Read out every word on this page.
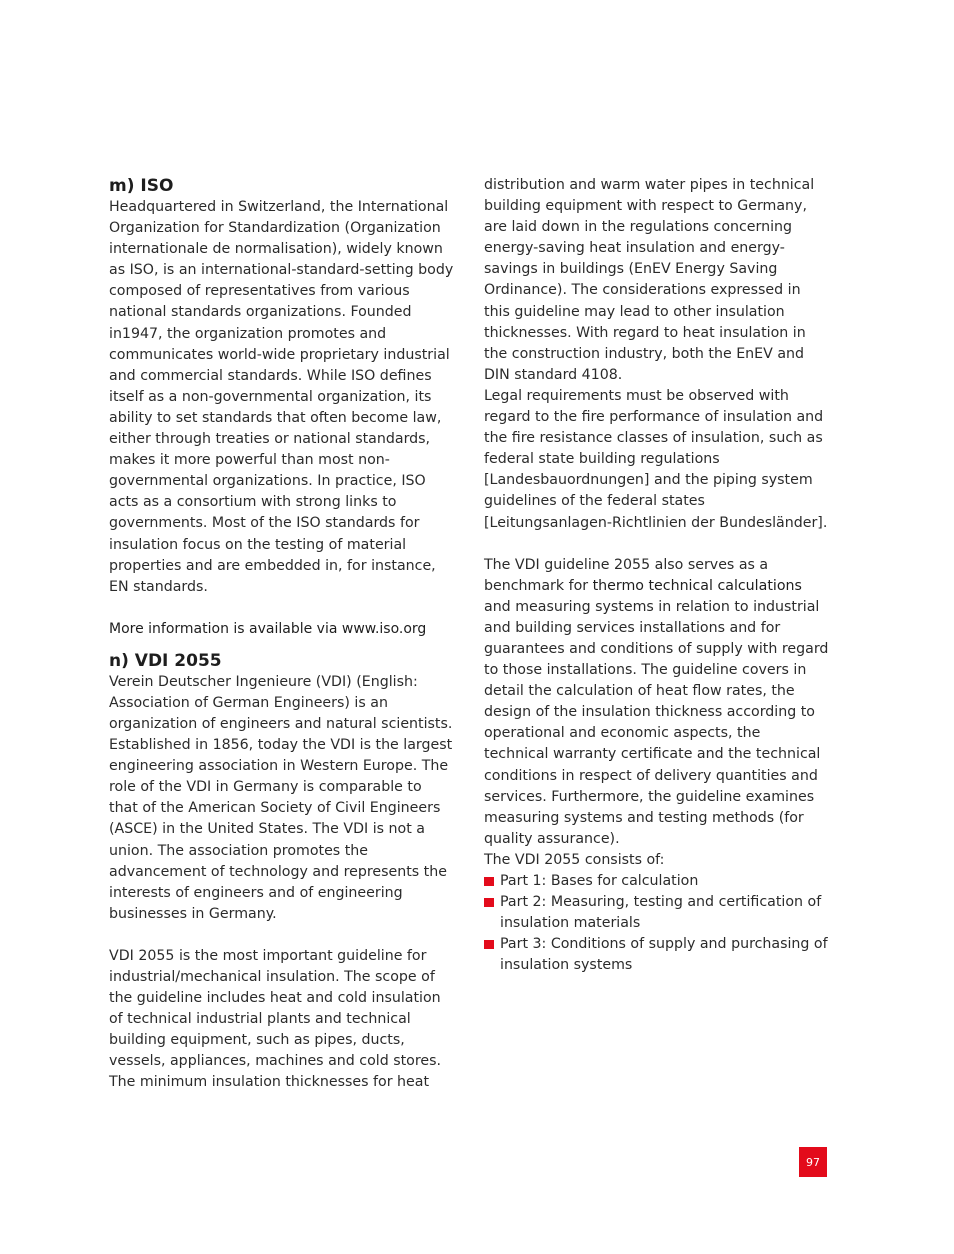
m) ISO

Headquartered in Switzerland, the International Organization for Standardization (Organization internationale de normalisation), widely known as ISO, is an international-standard-setting body composed of representatives from various national standards organizations. Founded in1947, the organization promotes and communicates world-wide proprietary industrial and commercial standards. While ISO defines itself as a non-governmental organization, its ability to set standards that often become law, either through treaties or national standards, makes it more powerful than most non-governmental organizations. In practice, ISO acts as a consortium with strong links to governments. Most of the ISO standards for insulation focus on the testing of material properties and are embedded in, for instance, EN standards.

More information is available via www.iso.org

n) VDI 2055

Verein Deutscher Ingenieure (VDI) (English: Association of German Engineers) is an organization of engineers and natural scientists. Established in 1856, today the VDI is the largest engineering association in Western Europe. The role of the VDI in Germany is comparable to that of the American Society of Civil Engineers (ASCE) in the United States. The VDI is not a union. The association promotes the advancement of technology and represents the interests of engineers and of engineering businesses in Germany.

VDI 2055 is the most important guideline for industrial/mechanical insulation. The scope of the guideline includes heat and cold insulation of technical industrial plants and technical building equipment, such as pipes, ducts, vessels, appliances, machines and cold stores. The minimum insulation thicknesses for heat

distribution and warm water pipes in technical building equipment with respect to Germany, are laid down in the regulations concerning energy-saving heat insulation and energy-savings in buildings (EnEV Energy Saving Ordinance). The considerations expressed in this guideline may lead to other insulation thicknesses. With regard to heat insulation in the construction industry, both the EnEV and DIN standard 4108.

Legal requirements must be observed with regard to the fire performance of insulation and the fire resistance classes of insulation, such as federal state building regulations [Landesbauordnungen] and the piping system guidelines of the federal states [Leitungsanlagen-Richtlinien der Bundesländer].

The VDI guideline 2055 also serves as a benchmark for thermo technical calculations and measuring systems in relation to industrial and building services installations and for guarantees and conditions of supply with regard to those installations. The guideline covers in detail the calculation of heat flow rates, the design of the insulation thickness according to operational and economic aspects, the technical warranty certificate and the technical conditions in respect of delivery quantities and services. Furthermore, the guideline examines measuring systems and testing methods (for quality assurance).

The VDI 2055 consists of:

Part 1: Bases for calculation
Part 2: Measuring, testing and certification of insulation materials
Part 3: Conditions of supply and purchasing of insulation systems
97
